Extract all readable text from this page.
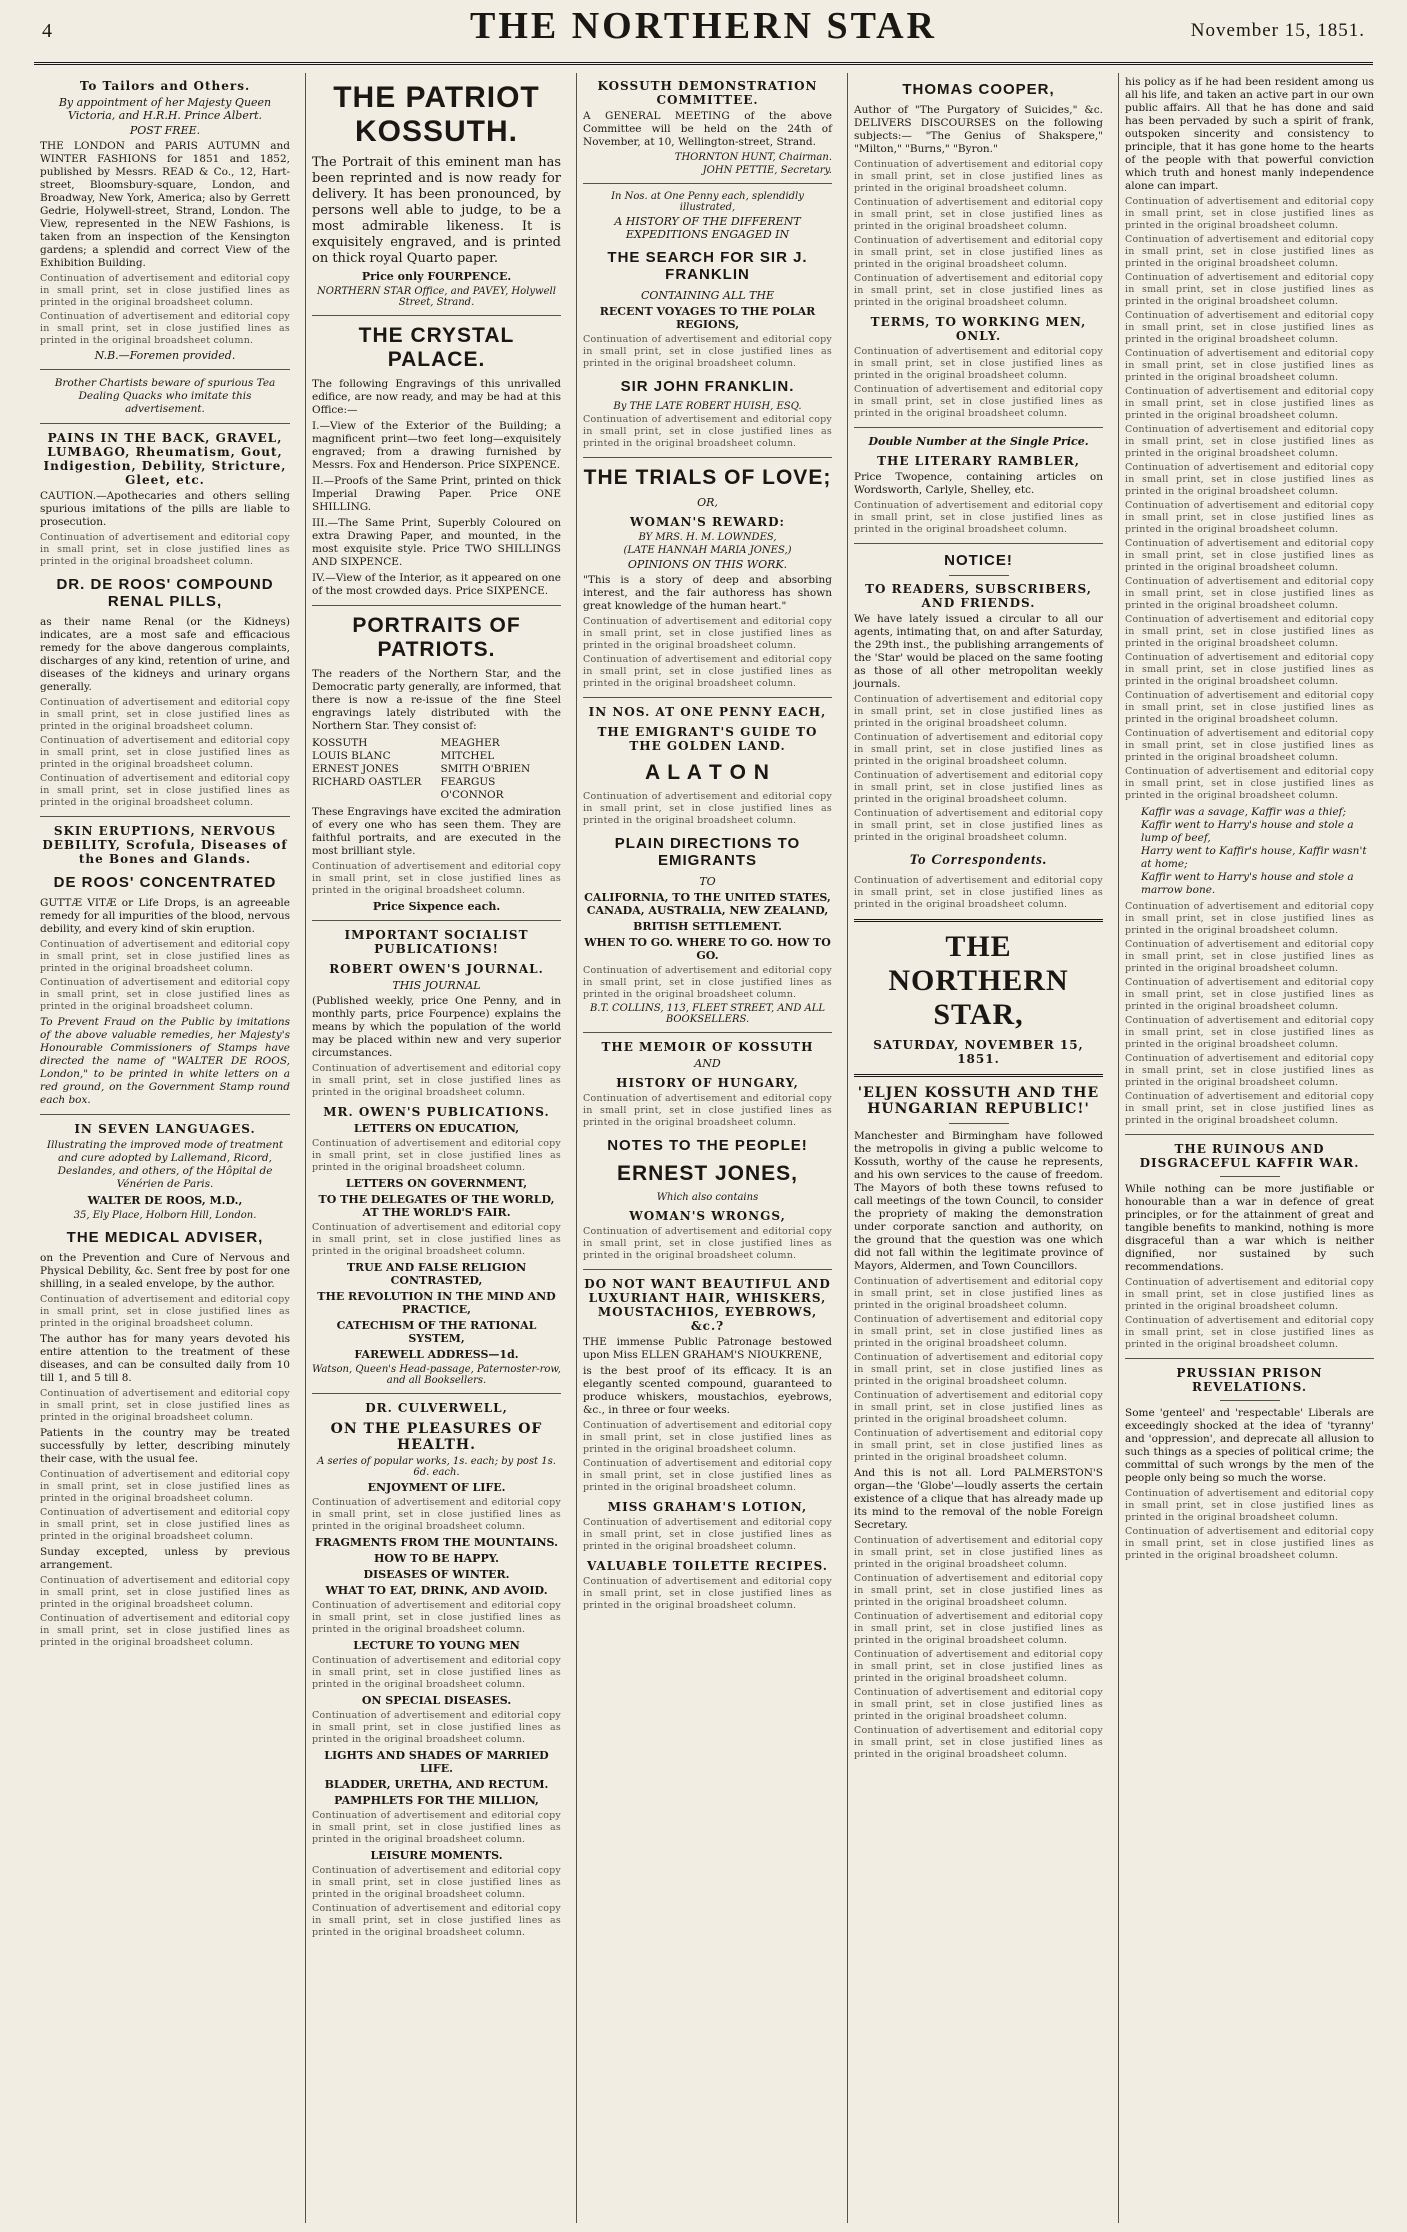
4	THE NORTHERN STAR	November 15, 1851.
To Tailors and Others.
By appointment of her Majesty Queen Victoria, and H.R.H. Prince Albert.
POST FREE.

THE LONDON and PARIS AUTUMN and WINTER FASHIONS for 1851 and 1852, published by Messrs. READ & Co., 12, Hart-street, Bloomsbury-square, London, and Broadway, New York, America; also by Gerrett Gedrie, Holywell-street, Strand, London. The View, represented in the NEW Fashions, is taken from an inspection of the Kensington gardens; a splendid and correct View of the Exhibition Building.

Continuation of advertisement and editorial copy in small print, set in close justified lines as printed in the original broadsheet column.

Continuation of advertisement and editorial copy in small print, set in close justified lines as printed in the original broadsheet column.

N.B.—Foremen provided.

Brother Chartists beware of spurious Tea Dealing Quacks who imitate this advertisement.

PAINS IN THE BACK, GRAVEL, LUMBAGO, Rheumatism, Gout, Indigestion, Debility, Stricture, Gleet, etc.

CAUTION.—Apothecaries and others selling spurious imitations of the pills are liable to prosecution.

Continuation of advertisement and editorial copy in small print, set in close justified lines as printed in the original broadsheet column.

DR. DE ROOS' COMPOUND RENAL PILLS,

as their name Renal (or the Kidneys) indicates, are a most safe and efficacious remedy for the above dangerous complaints, discharges of any kind, retention of urine, and diseases of the kidneys and urinary organs generally.

Continuation of advertisement and editorial copy in small print, set in close justified lines as printed in the original broadsheet column.

Continuation of advertisement and editorial copy in small print, set in close justified lines as printed in the original broadsheet column.

Continuation of advertisement and editorial copy in small print, set in close justified lines as printed in the original broadsheet column.

SKIN ERUPTIONS, NERVOUS DEBILITY, Scrofula, Diseases of the Bones and Glands.
DE ROOS' CONCENTRATED

GUTTÆ VITÆ or Life Drops, is an agreeable remedy for all impurities of the blood, nervous debility, and every kind of skin eruption.

Continuation of advertisement and editorial copy in small print, set in close justified lines as printed in the original broadsheet column.

Continuation of advertisement and editorial copy in small print, set in close justified lines as printed in the original broadsheet column.

To Prevent Fraud on the Public by imitations of the above valuable remedies, her Majesty's Honourable Commissioners of Stamps have directed the name of "WALTER DE ROOS, London," to be printed in white letters on a red ground, on the Government Stamp round each box.

IN SEVEN LANGUAGES.

Illustrating the improved mode of treatment and cure adopted by Lallemand, Ricord, Deslandes, and others, of the Hôpital de Vénérien de Paris.

WALTER DE ROOS, M.D.,
35, Ely Place, Holborn Hill, London.
THE MEDICAL ADVISER,

on the Prevention and Cure of Nervous and Physical Debility, &c. Sent free by post for one shilling, in a sealed envelope, by the author.

Continuation of advertisement and editorial copy in small print, set in close justified lines as printed in the original broadsheet column.

The author has for many years devoted his entire attention to the treatment of these diseases, and can be consulted daily from 10 till 1, and 5 till 8.

Continuation of advertisement and editorial copy in small print, set in close justified lines as printed in the original broadsheet column.

Patients in the country may be treated successfully by letter, describing minutely their case, with the usual fee.

Continuation of advertisement and editorial copy in small print, set in close justified lines as printed in the original broadsheet column.

Continuation of advertisement and editorial copy in small print, set in close justified lines as printed in the original broadsheet column.

Sunday excepted, unless by previous arrangement.

Continuation of advertisement and editorial copy in small print, set in close justified lines as printed in the original broadsheet column.

Continuation of advertisement and editorial copy in small print, set in close justified lines as printed in the original broadsheet column.

THE PATRIOT KOSSUTH.

The Portrait of this eminent man has been reprinted and is now ready for delivery. It has been pronounced, by persons well able to judge, to be a most admirable likeness. It is exquisitely engraved, and is printed on thick royal Quarto paper.

Price only FOURPENCE.
NORTHERN STAR Office, and PAVEY, Holywell Street, Strand.
THE CRYSTAL PALACE.

The following Engravings of this unrivalled edifice, are now ready, and may be had at this Office:—

I.—View of the Exterior of the Building; a magnificent print—two feet long—exquisitely engraved; from a drawing furnished by Messrs. Fox and Henderson. Price SIXPENCE.

II.—Proofs of the Same Print, printed on thick Imperial Drawing Paper. Price ONE SHILLING.

III.—The Same Print, Superbly Coloured on extra Drawing Paper, and mounted, in the most exquisite style. Price TWO SHILLINGS AND SIXPENCE.

IV.—View of the Interior, as it appeared on one of the most crowded days. Price SIXPENCE.

PORTRAITS OF PATRIOTS.

The readers of the Northern Star, and the Democratic party generally, are informed, that there is now a re-issue of the fine Steel engravings lately distributed with the Northern Star. They consist of:

KOSSUTH
LOUIS BLANC
ERNEST JONES
RICHARD OASTLER
MEAGHER
MITCHEL
SMITH O'BRIEN
FEARGUS O'CONNOR

These Engravings have excited the admiration of every one who has seen them. They are faithful portraits, and are executed in the most brilliant style.

Continuation of advertisement and editorial copy in small print, set in close justified lines as printed in the original broadsheet column.

Price Sixpence each.
IMPORTANT SOCIALIST PUBLICATIONS!
ROBERT OWEN'S JOURNAL.
THIS JOURNAL

(Published weekly, price One Penny, and in monthly parts, price Fourpence) explains the means by which the population of the world may be placed within new and very superior circumstances.

Continuation of advertisement and editorial copy in small print, set in close justified lines as printed in the original broadsheet column.

MR. OWEN'S PUBLICATIONS.
LETTERS ON EDUCATION,

Continuation of advertisement and editorial copy in small print, set in close justified lines as printed in the original broadsheet column.

LETTERS ON GOVERNMENT,
TO THE DELEGATES OF THE WORLD, AT THE WORLD'S FAIR.

Continuation of advertisement and editorial copy in small print, set in close justified lines as printed in the original broadsheet column.

TRUE AND FALSE RELIGION CONTRASTED,
THE REVOLUTION IN THE MIND AND PRACTICE,
CATECHISM OF THE RATIONAL SYSTEM,
FAREWELL ADDRESS—1d.
Watson, Queen's Head-passage, Paternoster-row, and all Booksellers.
DR. CULVERWELL,
ON THE PLEASURES OF HEALTH.
A series of popular works, 1s. each; by post 1s. 6d. each.
ENJOYMENT OF LIFE.

Continuation of advertisement and editorial copy in small print, set in close justified lines as printed in the original broadsheet column.

FRAGMENTS FROM THE MOUNTAINS.
HOW TO BE HAPPY.
DISEASES OF WINTER.
WHAT TO EAT, DRINK, AND AVOID.

Continuation of advertisement and editorial copy in small print, set in close justified lines as printed in the original broadsheet column.

LECTURE TO YOUNG MEN

Continuation of advertisement and editorial copy in small print, set in close justified lines as printed in the original broadsheet column.

ON SPECIAL DISEASES.

Continuation of advertisement and editorial copy in small print, set in close justified lines as printed in the original broadsheet column.

LIGHTS AND SHADES OF MARRIED LIFE.
BLADDER, URETHA, AND RECTUM.
PAMPHLETS FOR THE MILLION,

Continuation of advertisement and editorial copy in small print, set in close justified lines as printed in the original broadsheet column.

LEISURE MOMENTS.

Continuation of advertisement and editorial copy in small print, set in close justified lines as printed in the original broadsheet column.

Continuation of advertisement and editorial copy in small print, set in close justified lines as printed in the original broadsheet column.

KOSSUTH DEMONSTRATION COMMITTEE.

A GENERAL MEETING of the above Committee will be held on the 24th of November, at 10, Wellington-street, Strand.

THORNTON HUNT, Chairman.
JOHN PETTIE, Secretary.
In Nos. at One Penny each, splendidly illustrated,
A HISTORY OF THE DIFFERENT EXPEDITIONS ENGAGED IN
THE SEARCH FOR SIR J. FRANKLIN
CONTAINING ALL THE
RECENT VOYAGES TO THE POLAR REGIONS,

Continuation of advertisement and editorial copy in small print, set in close justified lines as printed in the original broadsheet column.

SIR JOHN FRANKLIN.
By THE LATE ROBERT HUISH, ESQ.

Continuation of advertisement and editorial copy in small print, set in close justified lines as printed in the original broadsheet column.

THE TRIALS OF LOVE;
OR,
WOMAN'S REWARD:
BY MRS. H. M. LOWNDES,
(LATE HANNAH MARIA JONES,)
OPINIONS ON THIS WORK.

"This is a story of deep and absorbing interest, and the fair authoress has shown great knowledge of the human heart."

Continuation of advertisement and editorial copy in small print, set in close justified lines as printed in the original broadsheet column.

Continuation of advertisement and editorial copy in small print, set in close justified lines as printed in the original broadsheet column.

IN NOS. AT ONE PENNY EACH,
THE EMIGRANT'S GUIDE TO THE GOLDEN LAND.
A L A T O N

Continuation of advertisement and editorial copy in small print, set in close justified lines as printed in the original broadsheet column.

PLAIN DIRECTIONS TO EMIGRANTS
TO
CALIFORNIA, TO THE UNITED STATES, CANADA, AUSTRALIA, NEW ZEALAND,
BRITISH SETTLEMENT.
WHEN TO GO. WHERE TO GO. HOW TO GO.

Continuation of advertisement and editorial copy in small print, set in close justified lines as printed in the original broadsheet column.

B.T. COLLINS, 113, FLEET STREET, AND ALL BOOKSELLERS.
THE MEMOIR OF KOSSUTH
AND
HISTORY OF HUNGARY,

Continuation of advertisement and editorial copy in small print, set in close justified lines as printed in the original broadsheet column.

NOTES TO THE PEOPLE!
ERNEST JONES,
Which also contains
WOMAN'S WRONGS,

Continuation of advertisement and editorial copy in small print, set in close justified lines as printed in the original broadsheet column.

DO NOT WANT BEAUTIFUL AND LUXURIANT HAIR, WHISKERS, MOUSTACHIOS, EYEBROWS, &c.?

THE immense Public Patronage bestowed upon Miss ELLEN GRAHAM'S NIOUKRENE,

is the best proof of its efficacy. It is an elegantly scented compound, guaranteed to produce whiskers, moustachios, eyebrows, &c., in three or four weeks.

Continuation of advertisement and editorial copy in small print, set in close justified lines as printed in the original broadsheet column.

Continuation of advertisement and editorial copy in small print, set in close justified lines as printed in the original broadsheet column.

MISS GRAHAM'S LOTION,

Continuation of advertisement and editorial copy in small print, set in close justified lines as printed in the original broadsheet column.

VALUABLE TOILETTE RECIPES.

Continuation of advertisement and editorial copy in small print, set in close justified lines as printed in the original broadsheet column.

THOMAS COOPER,

Author of "The Purgatory of Suicides," &c. DELIVERS DISCOURSES on the following subjects:— "The Genius of Shakspere," "Milton," "Burns," "Byron."

Continuation of advertisement and editorial copy in small print, set in close justified lines as printed in the original broadsheet column.

Continuation of advertisement and editorial copy in small print, set in close justified lines as printed in the original broadsheet column.

Continuation of advertisement and editorial copy in small print, set in close justified lines as printed in the original broadsheet column.

Continuation of advertisement and editorial copy in small print, set in close justified lines as printed in the original broadsheet column.

TERMS, TO WORKING MEN, ONLY.

Continuation of advertisement and editorial copy in small print, set in close justified lines as printed in the original broadsheet column.

Continuation of advertisement and editorial copy in small print, set in close justified lines as printed in the original broadsheet column.

Double Number at the Single Price.
THE LITERARY RAMBLER,

Price Twopence, containing articles on Wordsworth, Carlyle, Shelley, etc.

Continuation of advertisement and editorial copy in small print, set in close justified lines as printed in the original broadsheet column.

NOTICE!
TO READERS, SUBSCRIBERS, AND FRIENDS.

We have lately issued a circular to all our agents, intimating that, on and after Saturday, the 29th inst., the publishing arrangements of the 'Star' would be placed on the same footing as those of all other metropolitan weekly journals.

Continuation of advertisement and editorial copy in small print, set in close justified lines as printed in the original broadsheet column.

Continuation of advertisement and editorial copy in small print, set in close justified lines as printed in the original broadsheet column.

Continuation of advertisement and editorial copy in small print, set in close justified lines as printed in the original broadsheet column.

Continuation of advertisement and editorial copy in small print, set in close justified lines as printed in the original broadsheet column.

To Correspondents.

Continuation of advertisement and editorial copy in small print, set in close justified lines as printed in the original broadsheet column.

THE NORTHERN STAR,
SATURDAY, NOVEMBER 15, 1851.
'ELJEN KOSSUTH AND THE HUNGARIAN REPUBLIC!'

Manchester and Birmingham have followed the metropolis in giving a public welcome to Kossuth, worthy of the cause he represents, and his own services to the cause of freedom. The Mayors of both these towns refused to call meetings of the town Council, to consider the propriety of making the demonstration under corporate sanction and authority, on the ground that the question was one which did not fall within the legitimate province of Mayors, Aldermen, and Town Councillors.

Continuation of advertisement and editorial copy in small print, set in close justified lines as printed in the original broadsheet column.

Continuation of advertisement and editorial copy in small print, set in close justified lines as printed in the original broadsheet column.

Continuation of advertisement and editorial copy in small print, set in close justified lines as printed in the original broadsheet column.

Continuation of advertisement and editorial copy in small print, set in close justified lines as printed in the original broadsheet column.

Continuation of advertisement and editorial copy in small print, set in close justified lines as printed in the original broadsheet column.

And this is not all. Lord PALMERSTON'S organ—the 'Globe'—loudly asserts the certain existence of a clique that has already made up its mind to the removal of the noble Foreign Secretary.

Continuation of advertisement and editorial copy in small print, set in close justified lines as printed in the original broadsheet column.

Continuation of advertisement and editorial copy in small print, set in close justified lines as printed in the original broadsheet column.

Continuation of advertisement and editorial copy in small print, set in close justified lines as printed in the original broadsheet column.

Continuation of advertisement and editorial copy in small print, set in close justified lines as printed in the original broadsheet column.

Continuation of advertisement and editorial copy in small print, set in close justified lines as printed in the original broadsheet column.

Continuation of advertisement and editorial copy in small print, set in close justified lines as printed in the original broadsheet column.

his policy as if he had been resident among us all his life, and taken an active part in our own public affairs. All that he has done and said has been pervaded by such a spirit of frank, outspoken sincerity and consistency to principle, that it has gone home to the hearts of the people with that powerful conviction which truth and honest manly independence alone can impart.

Continuation of advertisement and editorial copy in small print, set in close justified lines as printed in the original broadsheet column.

Continuation of advertisement and editorial copy in small print, set in close justified lines as printed in the original broadsheet column.

Continuation of advertisement and editorial copy in small print, set in close justified lines as printed in the original broadsheet column.

Continuation of advertisement and editorial copy in small print, set in close justified lines as printed in the original broadsheet column.

Continuation of advertisement and editorial copy in small print, set in close justified lines as printed in the original broadsheet column.

Continuation of advertisement and editorial copy in small print, set in close justified lines as printed in the original broadsheet column.

Continuation of advertisement and editorial copy in small print, set in close justified lines as printed in the original broadsheet column.

Continuation of advertisement and editorial copy in small print, set in close justified lines as printed in the original broadsheet column.

Continuation of advertisement and editorial copy in small print, set in close justified lines as printed in the original broadsheet column.

Continuation of advertisement and editorial copy in small print, set in close justified lines as printed in the original broadsheet column.

Continuation of advertisement and editorial copy in small print, set in close justified lines as printed in the original broadsheet column.

Continuation of advertisement and editorial copy in small print, set in close justified lines as printed in the original broadsheet column.

Continuation of advertisement and editorial copy in small print, set in close justified lines as printed in the original broadsheet column.

Continuation of advertisement and editorial copy in small print, set in close justified lines as printed in the original broadsheet column.

Continuation of advertisement and editorial copy in small print, set in close justified lines as printed in the original broadsheet column.

Continuation of advertisement and editorial copy in small print, set in close justified lines as printed in the original broadsheet column.

Kaffir was a savage, Kaffir was a thief;
Kaffir went to Harry's house and stole a lump of beef,
Harry went to Kaffir's house, Kaffir wasn't at home;
Kaffir went to Harry's house and stole a marrow bone.

Continuation of advertisement and editorial copy in small print, set in close justified lines as printed in the original broadsheet column.

Continuation of advertisement and editorial copy in small print, set in close justified lines as printed in the original broadsheet column.

Continuation of advertisement and editorial copy in small print, set in close justified lines as printed in the original broadsheet column.

Continuation of advertisement and editorial copy in small print, set in close justified lines as printed in the original broadsheet column.

Continuation of advertisement and editorial copy in small print, set in close justified lines as printed in the original broadsheet column.

Continuation of advertisement and editorial copy in small print, set in close justified lines as printed in the original broadsheet column.

THE RUINOUS AND DISGRACEFUL KAFFIR WAR.

While nothing can be more justifiable or honourable than a war in defence of great principles, or for the attainment of great and tangible benefits to mankind, nothing is more disgraceful than a war which is neither dignified, nor sustained by such recommendations.

Continuation of advertisement and editorial copy in small print, set in close justified lines as printed in the original broadsheet column.

Continuation of advertisement and editorial copy in small print, set in close justified lines as printed in the original broadsheet column.

PRUSSIAN PRISON REVELATIONS.

Some 'genteel' and 'respectable' Liberals are exceedingly shocked at the idea of 'tyranny' and 'oppression', and deprecate all allusion to such things as a species of political crime; the committal of such wrongs by the men of the people only being so much the worse.

Continuation of advertisement and editorial copy in small print, set in close justified lines as printed in the original broadsheet column.

Continuation of advertisement and editorial copy in small print, set in close justified lines as printed in the original broadsheet column.
